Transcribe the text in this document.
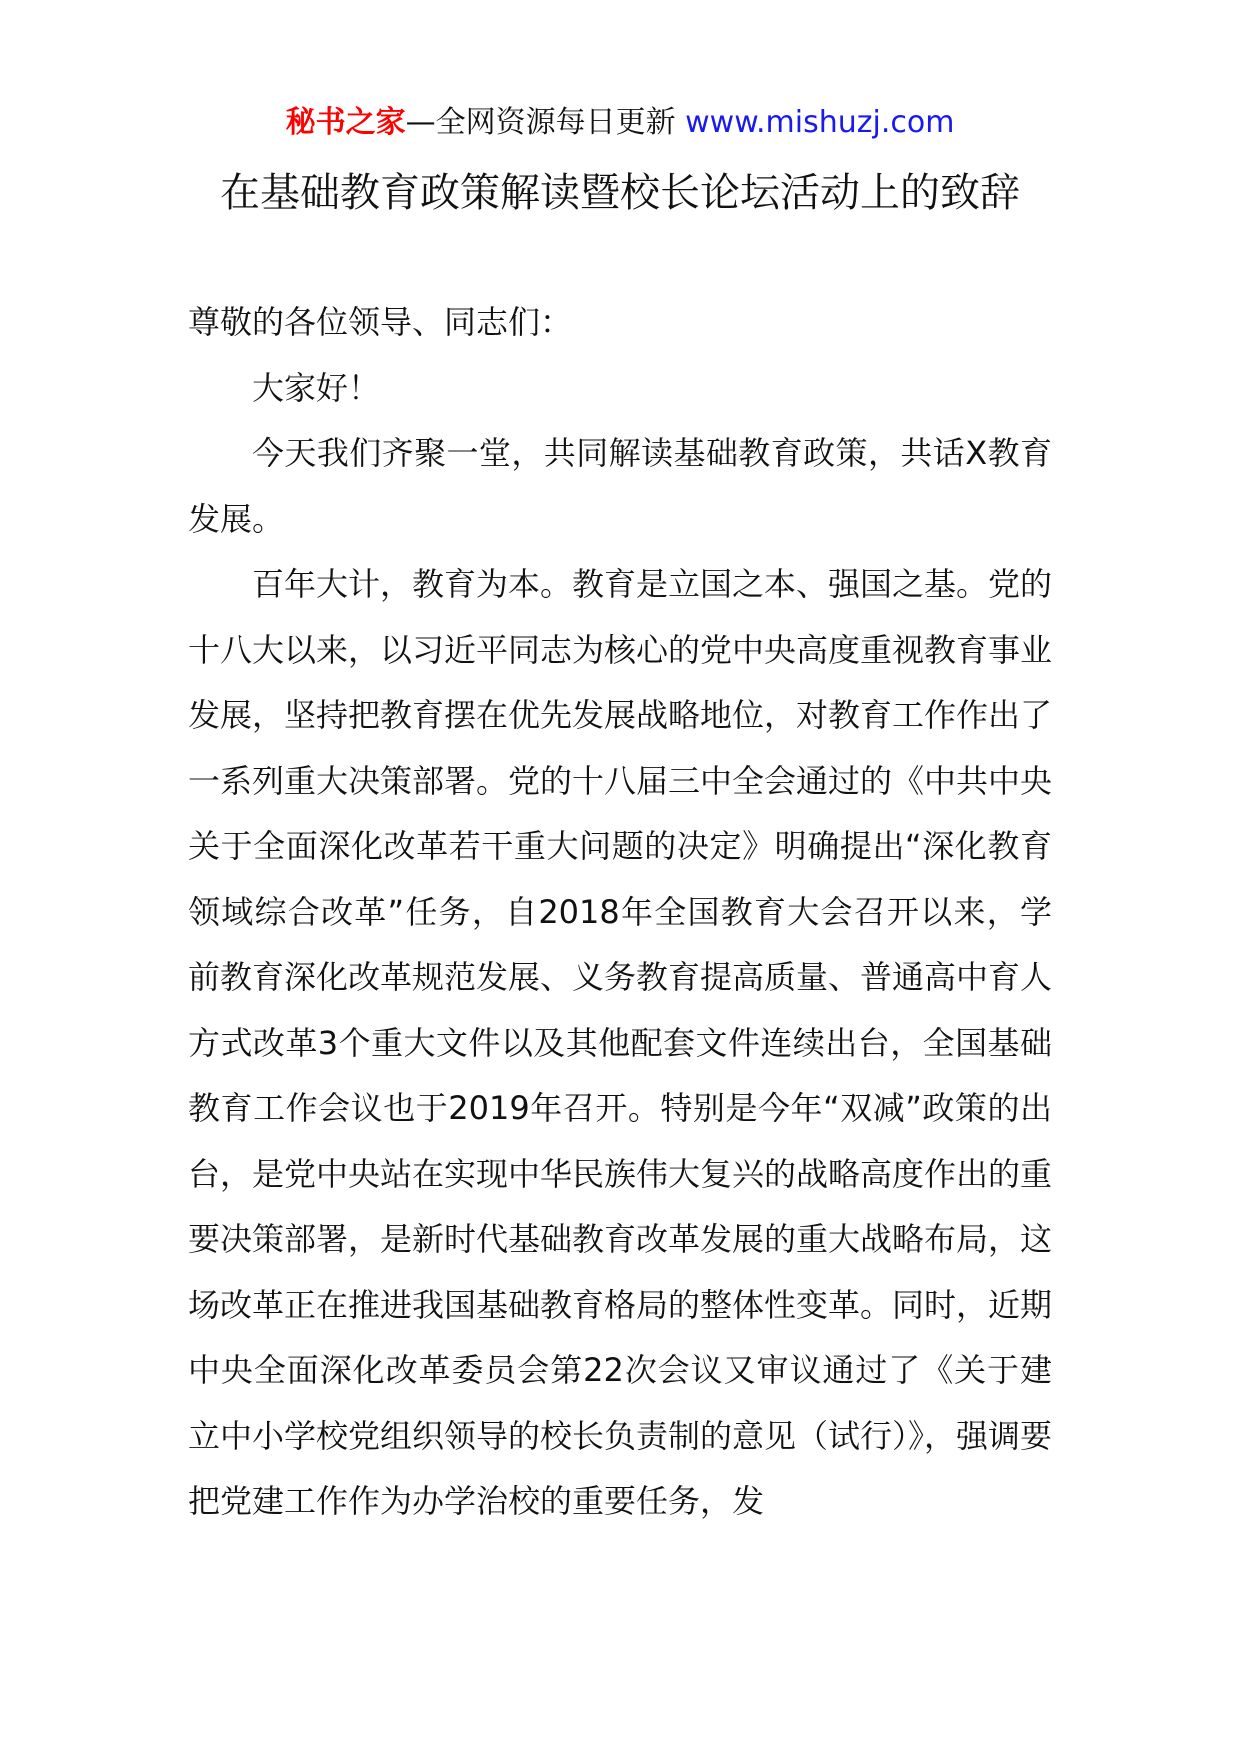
秘书之家—全网资源每日更新 www.mishuzj.com
在基础教育政策解读暨校长论坛活动上的致辞

尊敬的各位领导、同志们：

大家好！

今天我们齐聚一堂，共同解读基础教育政策，共话X教育发展。

百年大计，教育为本。教育是立国之本、强国之基。党的十八大以来，以习近平同志为核心的党中央高度重视教育事业发展，坚持把教育摆在优先发展战略地位，对教育工作作出了一系列重大决策部署。党的十八届三中全会通过的《中共中央关于全面深化改革若干重大问题的决定》明确提出“深化教育领域综合改革”任务，自2018年全国教育大会召开以来，学前教育深化改革规范发展、义务教育提高质量、普通高中育人方式改革3个重大文件以及其他配套文件连续出台，全国基础教育工作会议也于2019年召开。特别是今年“双减”政策的出台，是党中央站在实现中华民族伟大复兴的战略高度作出的重要决策部署，是新时代基础教育改革发展的重大战略布局，这场改革正在推进我国基础教育格局的整体性变革。同时，近期中央全面深化改革委员会第22次会议又审议通过了《关于建立中小学校党组织领导的校长负责制的意见（试行）》，强调要把党建工作作为办学治校的重要任务，发
